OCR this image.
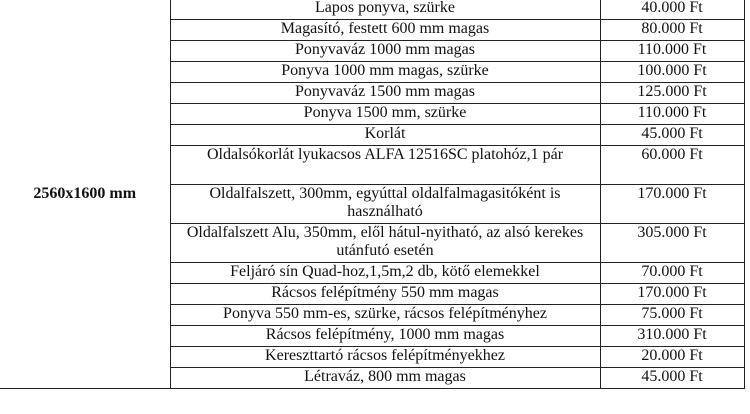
2560x1600 mm	Lapos ponyva, szürke	40.000 Ft
	Magasító, festett 600 mm magas	80.000 Ft
	Ponyvaváz 1000 mm magas	110.000 Ft
	Ponyva 1000 mm magas, szürke	100.000 Ft
	Ponyvaváz 1500 mm magas	125.000 Ft
	Ponyva 1500 mm, szürke	110.000 Ft
	Korlát	45.000 Ft
	Oldalsókorlát lyukacsos ALFA 12516SC platohóz,1 pár	60.000 Ft
	Oldalfalszett, 300mm, egyúttal oldalfalmagasitóként is használható	170.000 Ft
	Oldalfalszett Alu, 350mm, elől hátul-nyitható, az alsó kerekes utánfutó esetén	305.000 Ft
	Feljáró sín Quad-hoz,1,5m,2 db, kötő elemekkel	70.000 Ft
	Rácsos felépítmény 550 mm magas	170.000 Ft
	Ponyva 550 mm-es, szürke, rácsos felépítményhez	75.000 Ft
	Rácsos felépítmény, 1000 mm magas	310.000 Ft
	Kereszttartó rácsos felépítményekhez	20.000 Ft
	Létraváz, 800 mm magas	45.000 Ft
